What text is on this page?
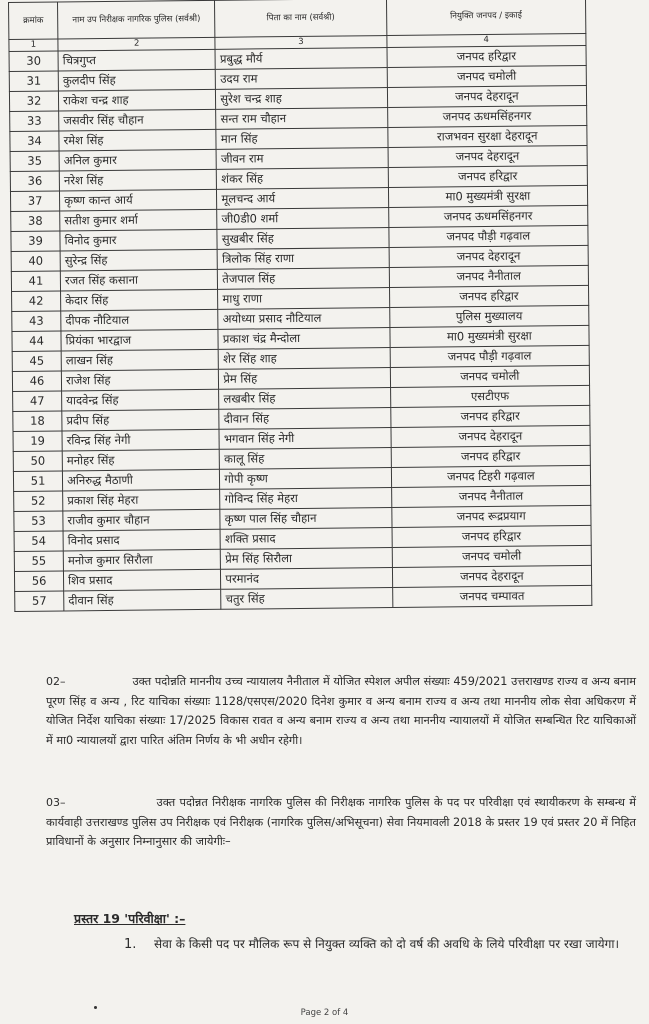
क्रमांक	नाम उप निरीक्षक नागरिक पुलिस (सर्वश्री)	पिता का नाम (सर्वश्री)	नियुक्ति जनपद / इकाई
1	2	3	4
30	चित्रगुप्त	प्रबुद्ध मौर्य	जनपद हरिद्वार
31	कुलदीप सिंह	उदय राम	जनपद चमोली
32	राकेश चन्द्र शाह	सुरेश चन्द्र शाह	जनपद देहरादून
33	जसवीर सिंह चौहान	सन्त राम चौहान	जनपद ऊधमसिंहनगर
34	रमेश सिंह	मान सिंह	राजभवन सुरक्षा देहरादून
35	अनिल कुमार	जीवन राम	जनपद देहरादून
36	नरेश सिंह	शंकर सिंह	जनपद हरिद्वार
37	कृष्ण कान्त आर्य	मूलचन्द आर्य	मा0 मुख्यमंत्री सुरक्षा
38	सतीश कुमार शर्मा	जी0डी0 शर्मा	जनपद ऊधमसिंहनगर
39	विनोद कुमार	सुखबीर सिंह	जनपद पौड़ी गढ़वाल
40	सुरेन्द्र सिंह	त्रिलोक सिंह राणा	जनपद देहरादून
41	रजत सिंह कसाना	तेजपाल सिंह	जनपद नैनीताल
42	केदार सिंह	माधु राणा	जनपद हरिद्वार
43	दीपक नौटियाल	अयोध्या प्रसाद नौटियाल	पुलिस मुख्यालय
44	प्रियंका भारद्वाज	प्रकाश चंद्र मैन्दोला	मा0 मुख्यमंत्री सुरक्षा
45	लाखन सिंह	शेर सिंह शाह	जनपद पौड़ी गढ़वाल
46	राजेश सिंह	प्रेम सिंह	जनपद चमोली
47	यादवेन्द्र सिंह	लखबीर सिंह	एसटीएफ
18	प्रदीप सिंह	दीवान सिंह	जनपद हरिद्वार
19	रविन्द्र सिंह नेगी	भगवान सिंह नेगी	जनपद देहरादून
50	मनोहर सिंह	कालू सिंह	जनपद हरिद्वार
51	अनिरुद्ध मैठाणी	गोपी कृष्ण	जनपद टिहरी गढ़वाल
52	प्रकाश सिंह मेहरा	गोविन्द सिंह मेहरा	जनपद नैनीताल
53	राजीव कुमार चौहान	कृष्ण पाल सिंह चौहान	जनपद रूद्रप्रयाग
54	विनोद प्रसाद	शक्ति प्रसाद	जनपद हरिद्वार
55	मनोज कुमार सिरौला	प्रेम सिंह सिरौला	जनपद चमोली
56	शिव प्रसाद	परमानंद	जनपद देहरादून
57	दीवान सिंह	चतुर सिंह	जनपद चम्पावत
02–	उक्त पदोन्नति माननीय उच्च न्यायालय नैनीताल में योजित स्पेशल अपील संख्याः 459/2021 उत्तराखण्ड राज्य व अन्य बनाम पूरण सिंह व अन्य , रिट याचिका संख्याः 1128/एसएस/2020 दिनेश कुमार व अन्य बनाम राज्य व अन्य तथा माननीय लोक सेवा अधिकरण में योजित निर्देश याचिका संख्याः 17/2025 विकास रावत व अन्य बनाम राज्य व अन्य तथा माननीय न्यायालयों में योजित सम्बन्धित रिट याचिकाओं में मा0 न्यायालयों द्वारा पारित अंतिम निर्णय के भी अधीन रहेगी।
03–	उक्त पदोन्नत निरीक्षक नागरिक पुलिस की निरीक्षक नागरिक पुलिस के पद पर परिवीक्षा एवं स्थायीकरण के सम्बन्ध में कार्यवाही उत्तराखण्ड पुलिस उप निरीक्षक एवं निरीक्षक (नागरिक पुलिस/अभिसूचना) सेवा नियमावली 2018 के प्रस्तर 19 एवं प्रस्तर 20 में निहित प्राविधानों के अनुसार निम्नानुसार की जायेगीः–
प्रस्तर 19 'परिवीक्षा' :–
1. सेवा के किसी पद पर मौलिक रूप से नियुक्त व्यक्ति को दो वर्ष की अवधि के लिये परिवीक्षा पर रखा जायेगा।
Page 2 of 4
